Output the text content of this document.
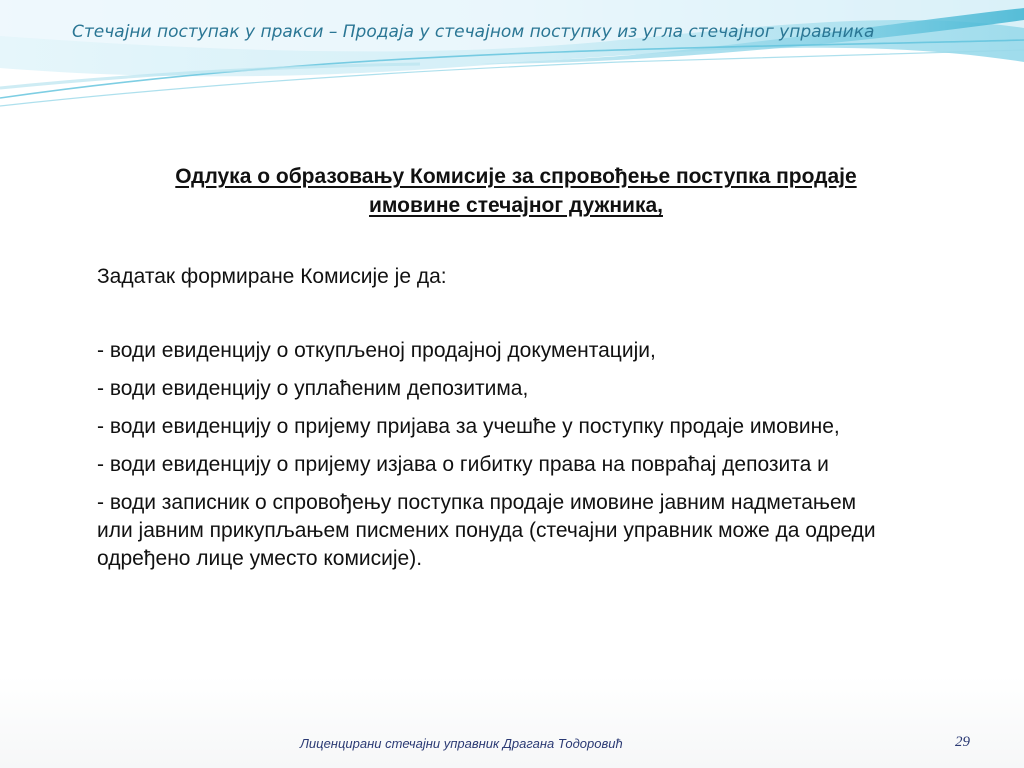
Стечајни поступак у пракси – Продаја у стечајном поступку из угла стечајног управника

Одлука о образовању Комисије за спровођење поступка продаје
имовине стечајног дужника,

Задатак формиране Комисије је да:

- води евиденцију о откупљеној продајној документацији,
- води евиденцију о уплаћеним депозитима,
- води евиденцију о пријему пријава за учешће у поступку продаје имовине,
- води евиденцију о пријему изјава о гибитку права на повраћај депозита и
- води записник о спровођењу поступка продаје имовине јавним надметањем или јавним прикупљањем писмених понуда (стечајни управник може да одреди одређено лице уместо комисије).
Лиценцирани стечајни управник Драгана Тодоровић	29
